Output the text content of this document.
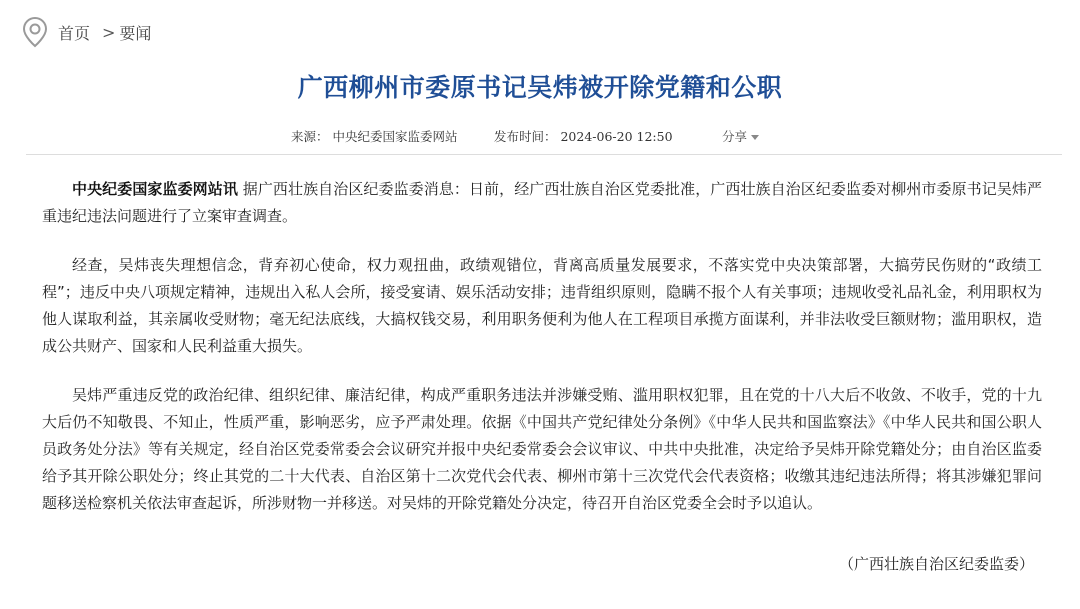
首页 > 要闻
广西柳州市委原书记吴炜被开除党籍和公职
来源： 中央纪委国家监委网站	发布时间： 2024-06-20 12:50	分享

中央纪委国家监委网站讯 据广西壮族自治区纪委监委消息：日前，经广西壮族自治区党委批准，广西壮族自治区纪委监委对柳州市委原书记吴炜严重违纪违法问题进行了立案审查调查。

经查，吴炜丧失理想信念，背弃初心使命，权力观扭曲，政绩观错位，背离高质量发展要求，不落实党中央决策部署，大搞劳民伤财的“政绩工程”；违反中央八项规定精神，违规出入私人会所，接受宴请、娱乐活动安排；违背组织原则，隐瞒不报个人有关事项；违规收受礼品礼金，利用职权为他人谋取利益，其亲属收受财物；毫无纪法底线，大搞权钱交易，利用职务便利为他人在工程项目承揽方面谋利，并非法收受巨额财物；滥用职权，造成公共财产、国家和人民利益重大损失。

吴炜严重违反党的政治纪律、组织纪律、廉洁纪律，构成严重职务违法并涉嫌受贿、滥用职权犯罪，且在党的十八大后不收敛、不收手，党的十九大后仍不知敬畏、不知止，性质严重，影响恶劣，应予严肃处理。依据《中国共产党纪律处分条例》《中华人民共和国监察法》《中华人民共和国公职人员政务处分法》等有关规定，经自治区党委常委会会议研究并报中央纪委常委会会议审议、中共中央批准，决定给予吴炜开除党籍处分；由自治区监委给予其开除公职处分；终止其党的二十大代表、自治区第十二次党代会代表、柳州市第十三次党代会代表资格；收缴其违纪违法所得；将其涉嫌犯罪问题移送检察机关依法审查起诉，所涉财物一并移送。对吴炜的开除党籍处分决定，待召开自治区党委全会时予以追认。

（广西壮族自治区纪委监委）
